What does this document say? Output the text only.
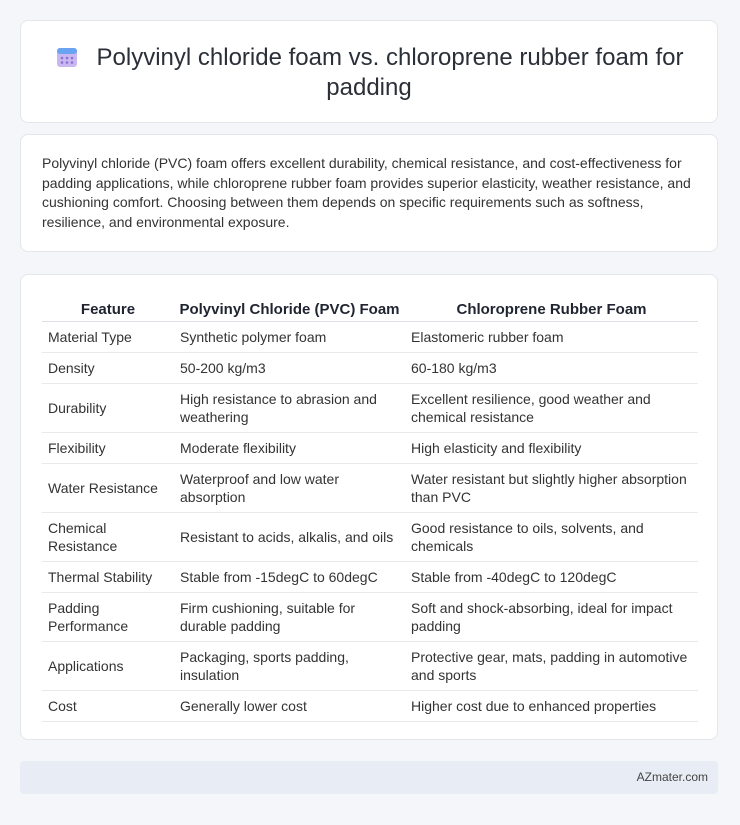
Polyvinyl chloride foam vs. chloroprene rubber foam for padding

Polyvinyl chloride (PVC) foam offers excellent durability, chemical resistance, and cost-effectiveness for padding applications, while chloroprene rubber foam provides superior elasticity, weather resistance, and cushioning comfort. Choosing between them depends on specific requirements such as softness, resilience, and environmental exposure.

Feature	Polyvinyl Chloride (PVC) Foam	Chloroprene Rubber Foam
Material Type	Synthetic polymer foam	Elastomeric rubber foam
Density	50-200 kg/m3	60-180 kg/m3
Durability	High resistance to abrasion and weathering	Excellent resilience, good weather and chemical resistance
Flexibility	Moderate flexibility	High elasticity and flexibility
Water Resistance	Waterproof and low water absorption	Water resistant but slightly higher absorption than PVC
Chemical Resistance	Resistant to acids, alkalis, and oils	Good resistance to oils, solvents, and chemicals
Thermal Stability	Stable from -15degC to 60degC	Stable from -40degC to 120degC
Padding Performance	Firm cushioning, suitable for durable padding	Soft and shock-absorbing, ideal for impact padding
Applications	Packaging, sports padding, insulation	Protective gear, mats, padding in automotive and sports
Cost	Generally lower cost	Higher cost due to enhanced properties
AZmater.com
